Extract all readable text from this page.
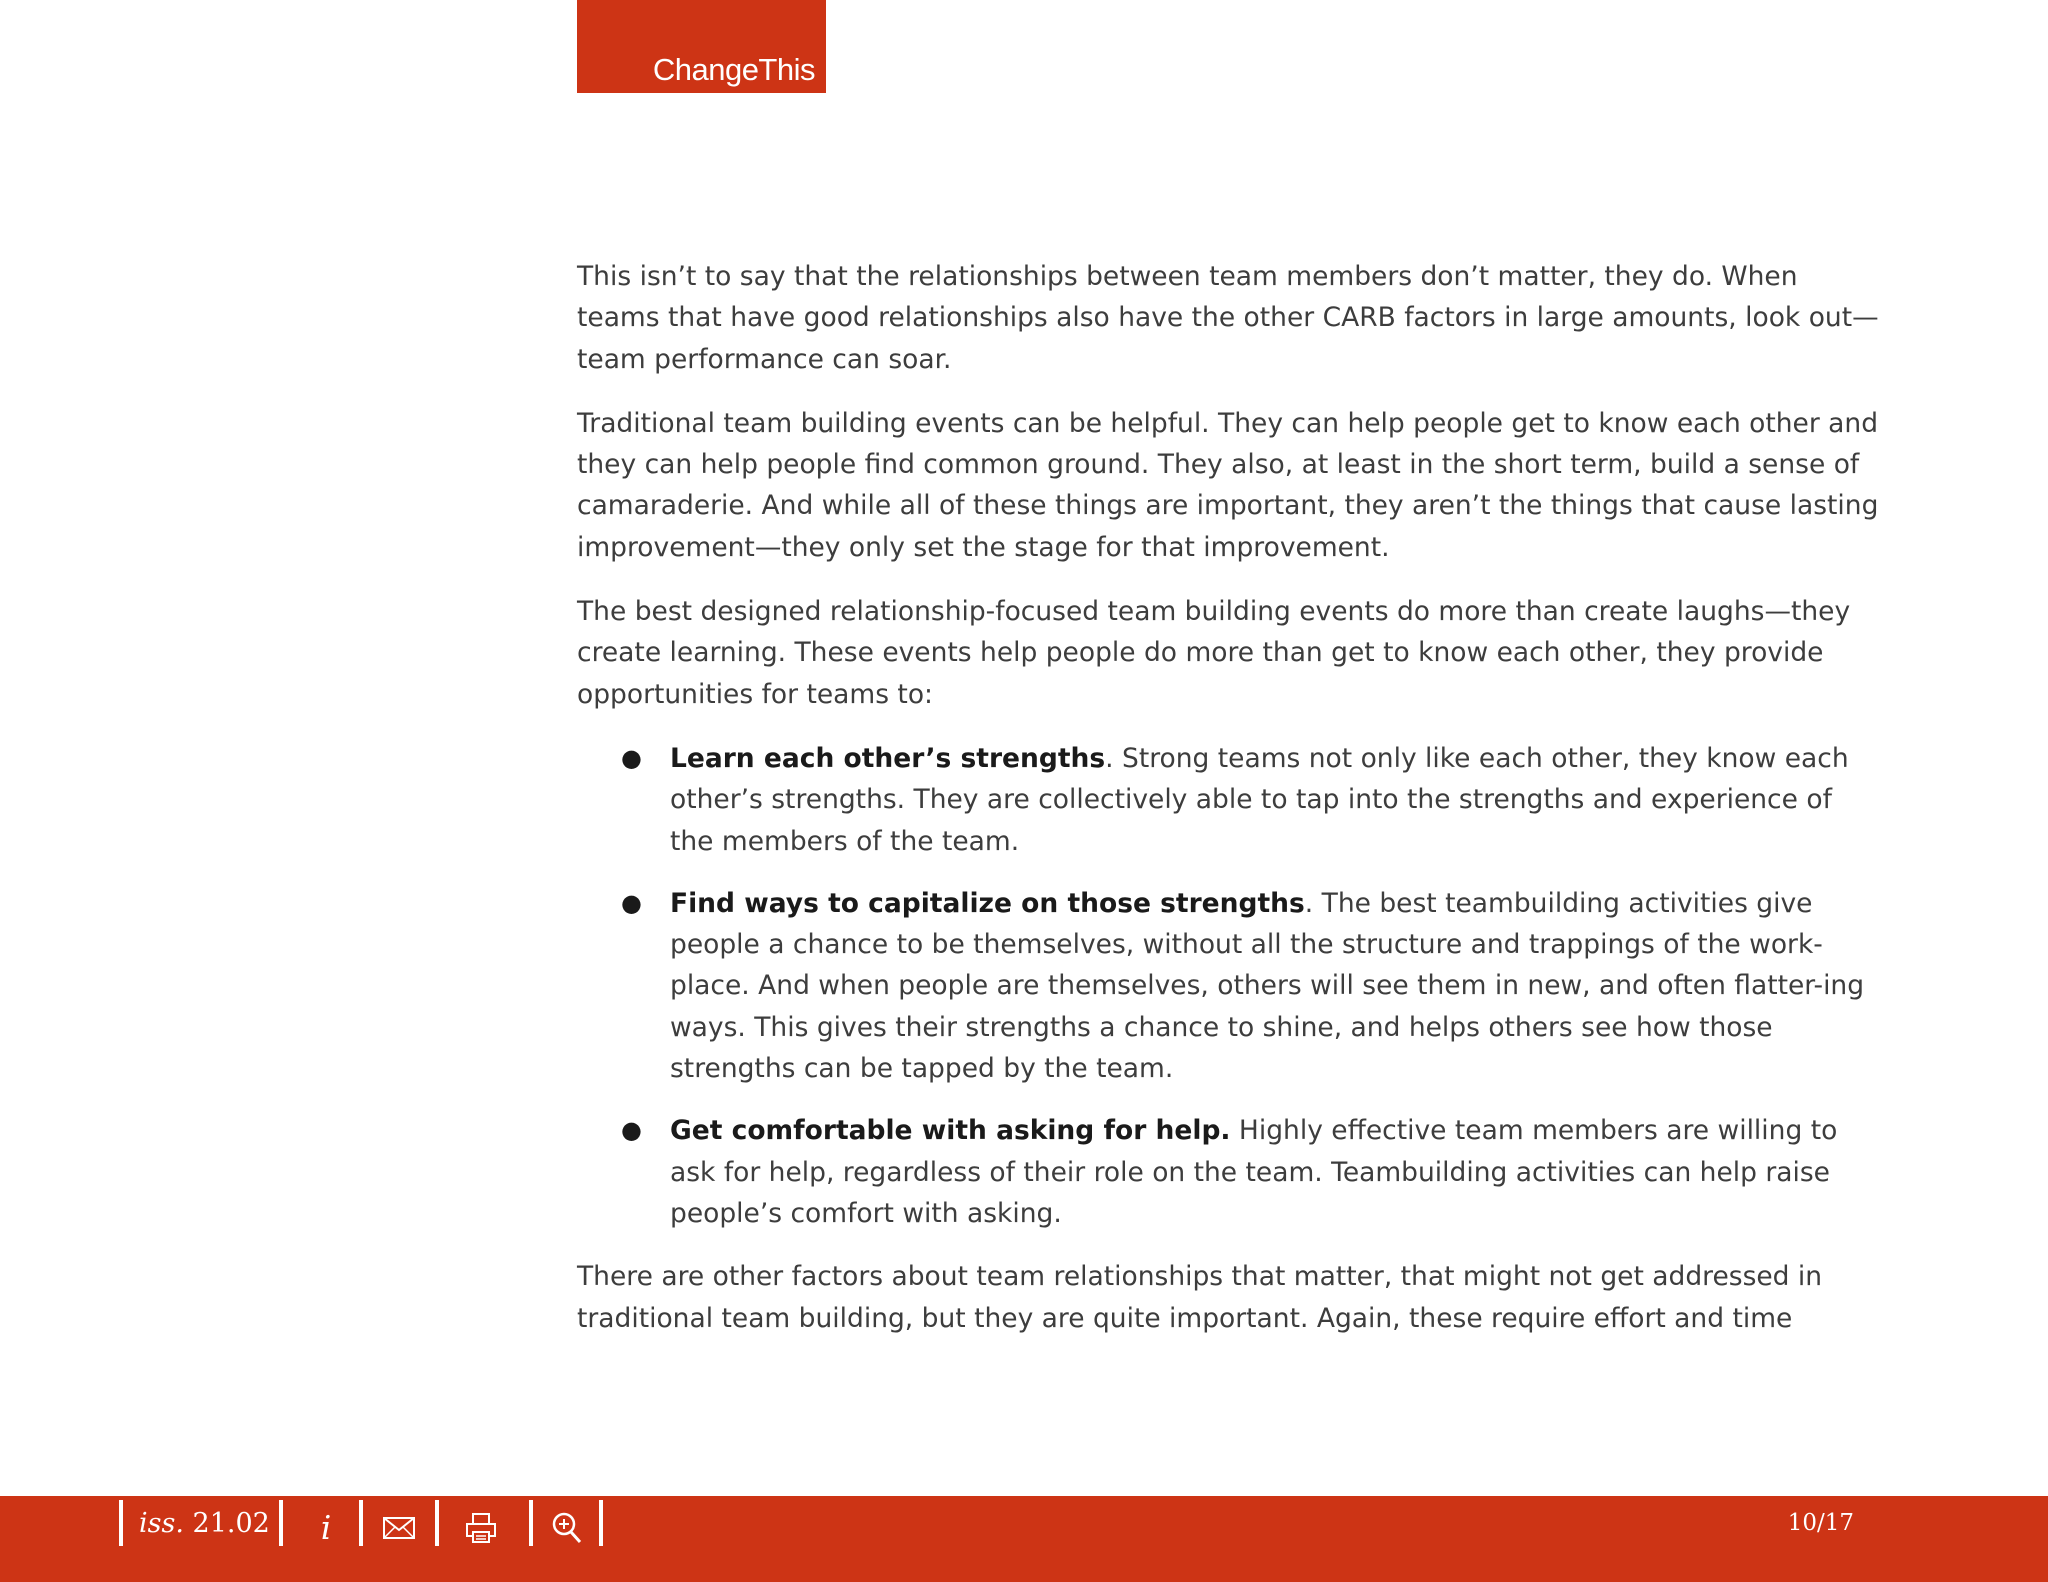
ChangeThis

This isn’t to say that the relationships between team members don’t matter, they do. When teams that have good relationships also have the other CARB factors in large amounts, look out—team performance can soar.

Traditional team building events can be helpful. They can help people get to know each other and they can help people ﬁnd common ground. They also, at least in the short term, build a sense of camaraderie. And while all of these things are important, they aren’t the things that cause lasting improvement—they only set the stage for that improvement.

The best designed relationship-focused team building events do more than create laughs—they create learning. These events help people do more than get to know each other, they provide opportunities for teams to:

● Learn each other’s strengths. Strong teams not only like each other, they know each other’s strengths. They are collectively able to tap into the strengths and experience of the members of the team.
● Find ways to capitalize on those strengths. The best teambuilding activities give people a chance to be themselves, without all the structure and trappings of the work-place. And when people are themselves, others will see them in new, and often ﬂatter-ing ways. This gives their strengths a chance to shine, and helps others see how those strengths can be tapped by the team.
● Get comfortable with asking for help. Highly eﬀective team members are willing to ask for help, regardless of their role on the team. Teambuilding activities can help raise people’s comfort with asking.

There are other factors about team relationships that matter, that might not get addressed in traditional team building, but they are quite important. Again, these require eﬀort and time

iss. 21.02 i	10/17
